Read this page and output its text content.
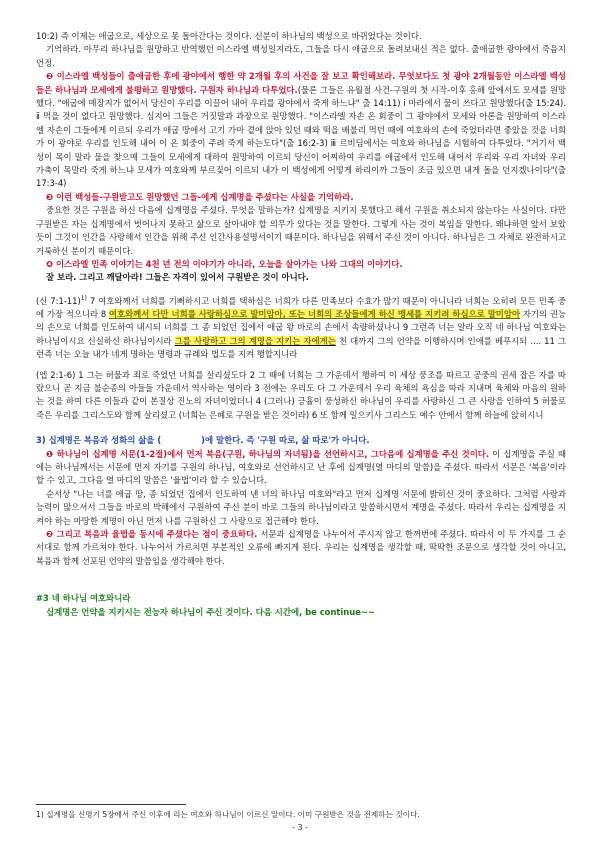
10:2) 즉 이제는 애굽으로, 세상으로 못 돌아간다는 것이다. 신분이 하나님의 백성으로 바뀌었다는 것이다.

기억하라. 아무리 하나님을 원망하고 반역했던 이스라엘 백성일지라도, 그들을 다시 애굽으로 돌려보내신 적은 없다. 출애굽한 광야에서 죽음지언정.

❷ 이스라엘 백성들이 출애굽한 후에 광야에서 행한 약 2개월 후의 사건을 잘 보고 확인해보라. 무엇보다도 첫 광야 2개월동안 이스라엘 백성들은 하나님과 모세에게 불평하고 원망했다. 구원자 하나님과 다투었다.(물론 그들은 유월절 사건-구원의 첫 시작-이후 홍해 앞에서도 모세를 원망했다. "애굽에 매장지가 없어서 당신이 우리를 이끌어 내어 우리를 광야에서 죽게 하느냐" 출 14:11) ⅰ 마라에서 물이 쓰다고 원망했다(출 15:24). ⅱ 먹을 것이 없다고 원망했다. 심지어 그들은 거짓말과 과장으로 원망했다. "이스라엘 자손 온 회중이 그 광야에서 모세와 아론을 원망하여 이스라엘 자손이 그들에게 이르되 우리가 애굽 땅에서 고기 가마 곁에 앉아 있던 때와 떡을 배불리 먹던 때에 여호와의 손에 죽었더라면 좋았을 것을 너희가 이 광야로 우리를 인도해 내어 이 온 회중이 주려 죽게 하는도다"(출 16:2-3) ⅲ 르비딤에서는 여호와 하나님을 시험하여 다투었다. "거기서 백성이 목이 말라 물을 찾으매 그들이 모세에게 대하여 원망하여 이르되 당신이 어찌하여 우리를 애굽에서 인도해 내어서 우리와 우리 자녀와 우리 가축이 목말라 죽게 하느냐 모세가 여호와께 부르짖어 이르되 내가 이 백성에게 어떻게 하리이까 그들이 조금 있으면 내게 돌을 던지겠나이다"(출 17:3-4)

❸ 이런 백성들-구원받고도 원망했던 그들-에게 십계명을 주셨다는 사실을 기억하라.

중요한 것은 구원을 하신 다음에 십계명을 주셨다. 무엇을 말하는가? 십계명을 지키지 못했다고 해서 구원을 취소되지 않는다는 사실이다. 다만 구원받은 자는 십계명에서 벗어나지 못하고 삶으로 살아내야 할 의무가 있다는 것을 말한다. 그렇게 사는 것이 복임을 말한다. 왜냐하면 앞서 보았듯이 그것이 인간을 사랑해서 인간을 위해 주신 인간사용설명서이기 때문이다. 하나님을 위해서 주신 것이 아니다. 하나님은 그 자체로 완전하시고 거룩하신 분이기 때문이다.

❹ 이스라엘 민족 이야기는 4천 년 전의 이야기가 아니라, 오늘을 살아가는 나와 그대의 이야기다.

잘 보라. 그리고 깨달아라! 그들은 자격이 있어서 구원받은 것이 아니다.

(신 7:1-11)$^{1)}$ 7 여호와께서 너희를 기뻐하시고 너희를 택하심은 너희가 다른 민족보다 수효가 많기 때문이 아니니라 너희는 오히려 모든 민족 중에 가장 적으니라 8 여호와께서 다만 너희를 사랑하심으로 말미암아, 또는 너희의 조상들에게 하신 맹세를 지키려 하심으로 말미암아 자기의 권능의 손으로 너희를 인도하여 내시되 너희를 그 종 되었던 집에서 애굽 왕 바로의 손에서 속량하셨나니 9 그런즉 너는 알라 오직 네 하나님 여호와는 하나님이시요 신실하신 하나님이시라 그를 사랑하고 그의 계명을 지키는 자에게는 천 대까지 그의 언약을 이행하시며 인애를 베푸시되 .... 11 그런즉 너는 오늘 내가 네게 명하는 명령과 규례와 법도를 지켜 행할지니라

(엡 2:1-6) 1 그는 허물과 죄로 죽었던 너희를 살리셨도다 2 그 때에 너희는 그 가운데서 행하여 이 세상 풍조를 따르고 공중의 권세 잡은 자를 따랐으니 곧 지금 불순종의 아들들 가운데서 역사하는 영이라 3 전에는 우리도 다 그 가운데서 우리 육체의 욕심을 따라 지내며 육체와 마음의 원하는 것을 하여 다른 이들과 같이 본질상 진노의 자녀이었더니 4 (그러나) 긍휼이 풍성하신 하나님이 우리를 사랑하신 그 큰 사랑을 인하여 5 허물로 죽은 우리를 그리스도와 함께 살리셨고 (너희는 은혜로 구원을 받은 것이라) 6 또 함께 일으키사 그리스도 예수 안에서 함께 하늘에 앉히시니

3) 십계명은 복음과 성화의 삶을 (	)에 말한다. 즉 '구원 따로, 삶 따로'가 아니다.

❶ 하나님이 십계명 서문(1-2절)에서 먼저 복음(구원, 하나님의 자녀됨)을 선언하시고, 그다음에 십계명을 주신 것이다. 이 십계명을 주실 때에는 하나님께서는 서문에 먼저 자기를 구원의 하나님, 여호와로 선언하시고 난 후에 십계명(열 마디의 말씀)을 주셨다. 따라서 서문은 '복음'이라 할 수 있고, 그다음 열 마디의 말씀은 '율법'이라 할 수 있습니다.

순서상 "나는 너를 애굽 땅, 종 되었던 집에서 인도하여 낸 너의 하나님 여호와"라고 먼저 십계명 서문에 밝히신 것이 중요하다. 그처럼 사랑과 능력이 많으셔서 그들을 바로의 박해에서 구원하여 주신 분이 바로 그들의 하나님이라고 말씀하시면서 계명을 주셨다. 따라서 우리는 십계명을 지켜야 하는 마땅한 계명이 아닌 먼저 나를 구원하신 그 사랑으로 접근해야 한다.

❷ 그리고 복음과 율법을 동시에 주셨다는 점이 중요하다. 서문과 십계명을 나누어서 주시지 않고 한꺼번에 주셨다. 따라서 이 두 가지를 그 순서대로 함께 가르쳐야 한다. 나누어서 가르치면 부분적인 오류에 빠지게 된다. 우리는 십계명을 생각할 때, 딱딱한 조문으로 생각할 것이 아니고, 복음과 함께 선포된 언약의 말씀임을 생각해야 한다.

#3 네 하나님 여호와니라

십계명은 언약을 지키시는 전능자 하나님이 주신 것이다. 다음 시간에, be continue~~

1) 십계명을 신명기 5장에서 주신 이후에 리는 여호와 하나님이 이르신 말이다. 이미 구원받은 것을 전제하는 것이다.
- 3 -
